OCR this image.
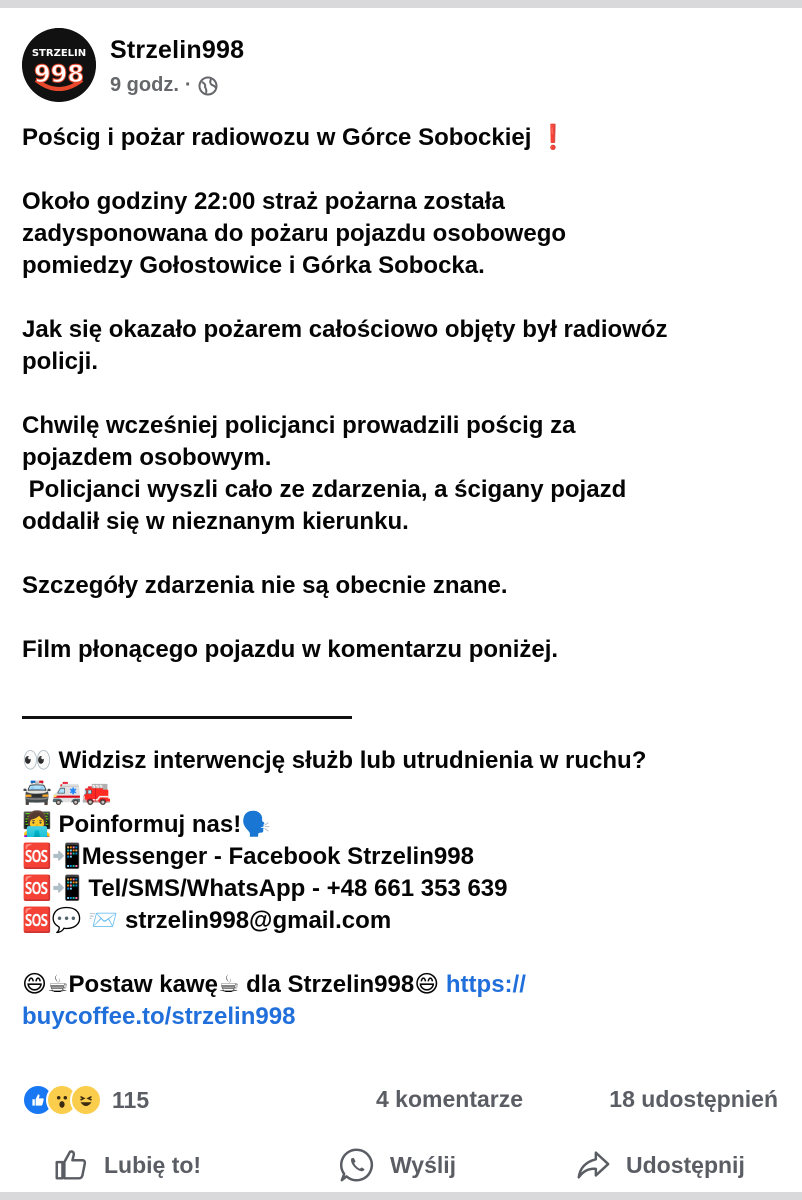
STRZELIN
998
Strzelin998
9 godz. ·

Pościg i pożar radiowozu w Górce Sobockiej ❗

Około godziny 22:00 straż pożarna została
zadysponowana do pożaru pojazdu osobowego
pomiedzy Gołostowice i Górka Sobocka.

Jak się okazało pożarem całościowo objęty był radiowóz
policji.

Chwilę wcześniej policjanci prowadzili pościg za
pojazdem osobowym.
Policjanci wyszli cało ze zdarzenia, a ścigany pojazd
oddalił się w nieznanym kierunku.

Szczegóły zdarzenia nie są obecnie znane.

Film płonącego pojazdu w komentarzu poniżej.

👀 Widzisz interwencję służb lub utrudnienia w ruchu?

🚔🚑🚒

👩‍💻 Poinformuj nas!🗣️

🆘📲Messenger - Facebook Strzelin998

🆘📲 Tel/SMS/WhatsApp - +48 661 353 639

🆘💬 📨 strzelin998@gmail.com

😄☕Postaw kawę☕ dla Strzelin998😄 https://

buycoffee.to/strzelin998

115	4 komentarze	18 udostępnień
Lubię to!	Wyślij	Udostępnij
